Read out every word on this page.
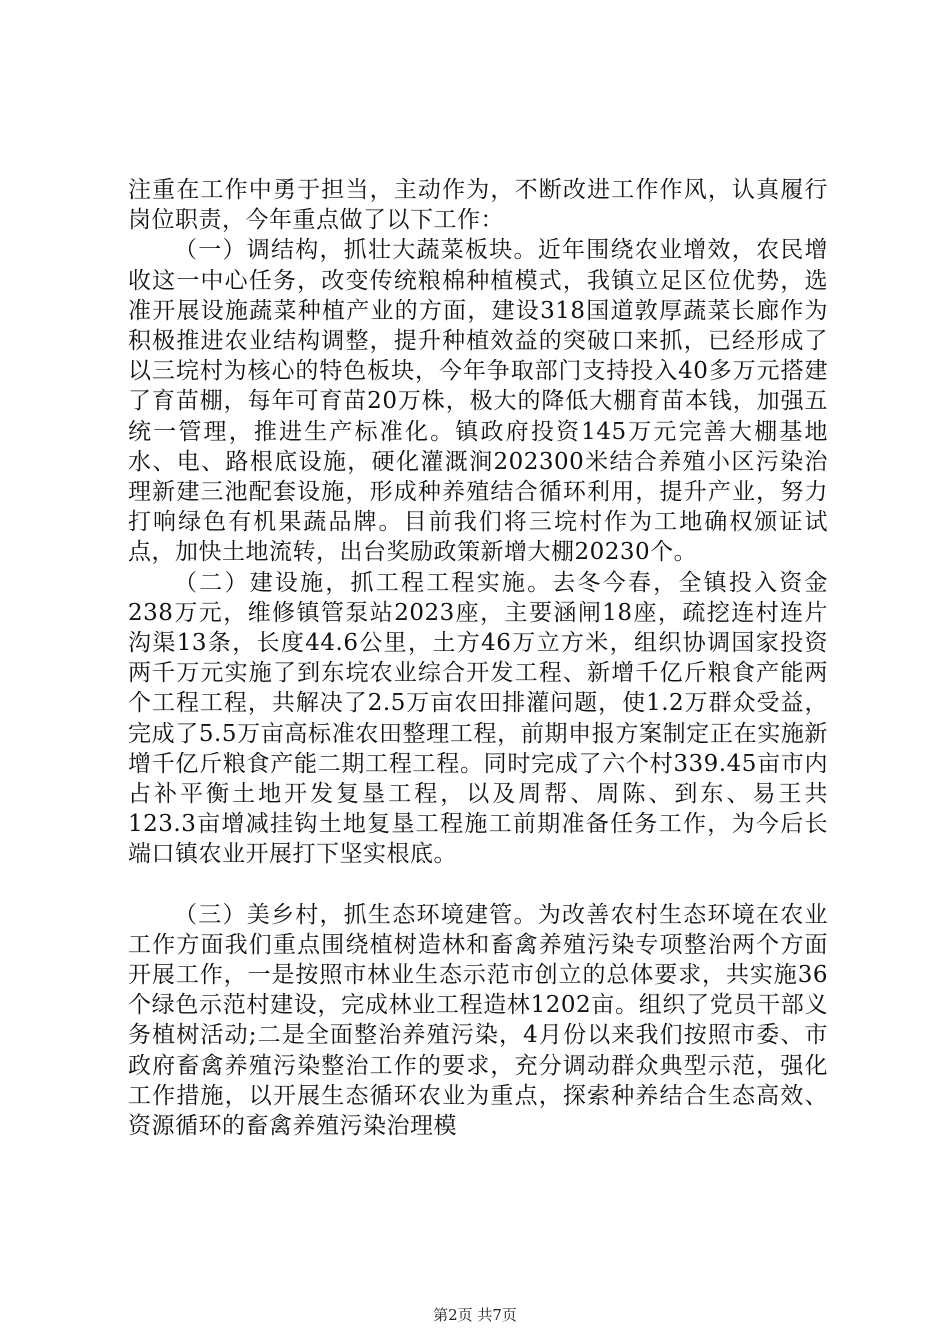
注重在工作中勇于担当，主动作为，不断改进工作作风，认真履行岗位职责，今年重点做了以下工作：

（一）调结构，抓壮大蔬菜板块。近年围绕农业增效，农民增收这一中心任务，改变传统粮棉种植模式，我镇立足区位优势，选准开展设施蔬菜种植产业的方面，建设318国道敦厚蔬菜长廊作为积极推进农业结构调整，提升种植效益的突破口来抓，已经形成了以三垸村为核心的特色板块，今年争取部门支持投入40多万元搭建了育苗棚，每年可育苗20万株，极大的降低大棚育苗本钱，加强五统一管理，推进生产标准化。镇政府投资145万元完善大棚基地水、电、路根底设施，硬化灌溉涧202300米结合养殖小区污染治理新建三池配套设施，形成种养殖结合循环利用，提升产业，努力打响绿色有机果蔬品牌。目前我们将三垸村作为工地确权颁证试点，加快土地流转，出台奖励政策新增大棚20230个。

（二）建设施，抓工程工程实施。去冬今春，全镇投入资金238万元，维修镇管泵站2023座，主要涵闸18座，疏挖连村连片沟渠13条，长度44.6公里，土方46万立方米，组织协调国家投资两千万元实施了到东垸农业综合开发工程、新增千亿斤粮食产能两个工程工程，共解决了2.5万亩农田排灌问题，使1.2万群众受益，完成了5.5万亩高标准农田整理工程，前期申报方案制定正在实施新增千亿斤粮食产能二期工程工程。同时完成了六个村339.45亩市内占补平衡土地开发复垦工程，以及周帮、周陈、到东、易王共123.3亩增减挂钩土地复垦工程施工前期准备任务工作，为今后长端口镇农业开展打下坚实根底。

（三）美乡村，抓生态环境建管。为改善农村生态环境在农业工作方面我们重点围绕植树造林和畜禽养殖污染专项整治两个方面开展工作，一是按照市林业生态示范市创立的总体要求，共实施36个绿色示范村建设，完成林业工程造林1202亩。组织了党员干部义务植树活动;二是全面整治养殖污染，4月份以来我们按照市委、市政府畜禽养殖污染整治工作的要求，充分调动群众典型示范，强化工作措施，以开展生态循环农业为重点，探索种养结合生态高效、资源循环的畜禽养殖污染治理模

第2页 共7页
